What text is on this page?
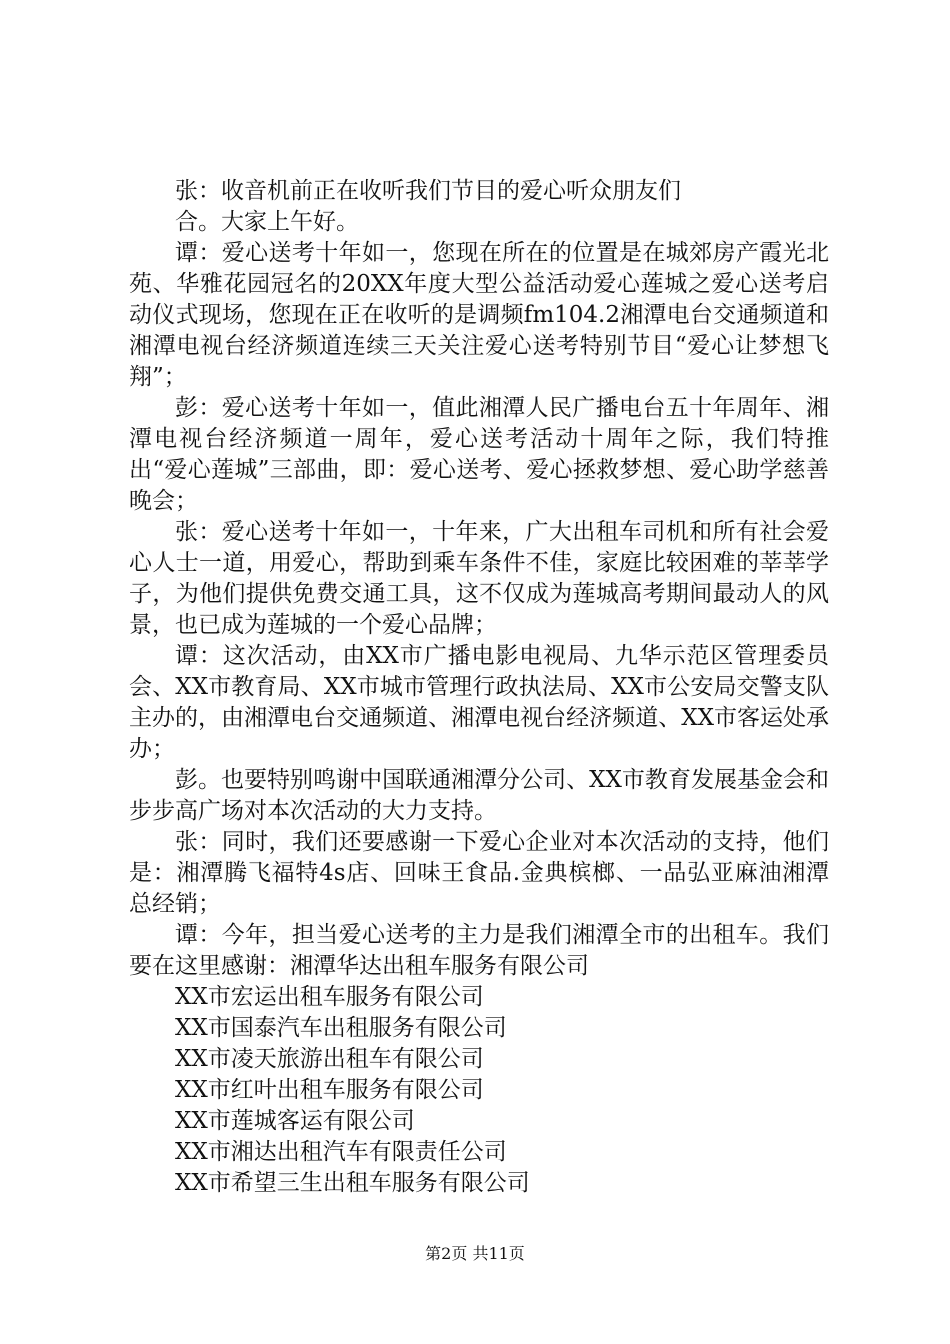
张：收音机前正在收听我们节目的爱心听众朋友们

合。大家上午好。

谭：爱心送考十年如一，您现在所在的位置是在城郊房产霞光北苑、华雅花园冠名的20XX年度大型公益活动爱心莲城之爱心送考启动仪式现场，您现在正在收听的是调频fm104.2湘潭电台交通频道和湘潭电视台经济频道连续三天关注爱心送考特别节目“爱心让梦想飞翔”；

彭：爱心送考十年如一，值此湘潭人民广播电台五十年周年、湘潭电视台经济频道一周年，爱心送考活动十周年之际，我们特推出“爱心莲城”三部曲，即：爱心送考、爱心拯救梦想、爱心助学慈善晚会；

张：爱心送考十年如一，十年来，广大出租车司机和所有社会爱心人士一道，用爱心，帮助到乘车条件不佳，家庭比较困难的莘莘学子，为他们提供免费交通工具，这不仅成为莲城高考期间最动人的风景，也已成为莲城的一个爱心品牌；

谭：这次活动，由XX市广播电影电视局、九华示范区管理委员会、XX市教育局、XX市城市管理行政执法局、XX市公安局交警支队主办的，由湘潭电台交通频道、湘潭电视台经济频道、XX市客运处承办；

彭。也要特别鸣谢中国联通湘潭分公司、XX市教育发展基金会和步步高广场对本次活动的大力支持。

张：同时，我们还要感谢一下爱心企业对本次活动的支持，他们是：湘潭腾飞福特4s店、回味王食品.金典槟榔、一品弘亚麻油湘潭总经销；

谭：今年，担当爱心送考的主力是我们湘潭全市的出租车。我们要在这里感谢：湘潭华达出租车服务有限公司

XX市宏运出租车服务有限公司

XX市国泰汽车出租服务有限公司

XX市凌天旅游出租车有限公司

XX市红叶出租车服务有限公司

XX市莲城客运有限公司

XX市湘达出租汽车有限责任公司

XX市希望三生出租车服务有限公司

第2页 共11页
